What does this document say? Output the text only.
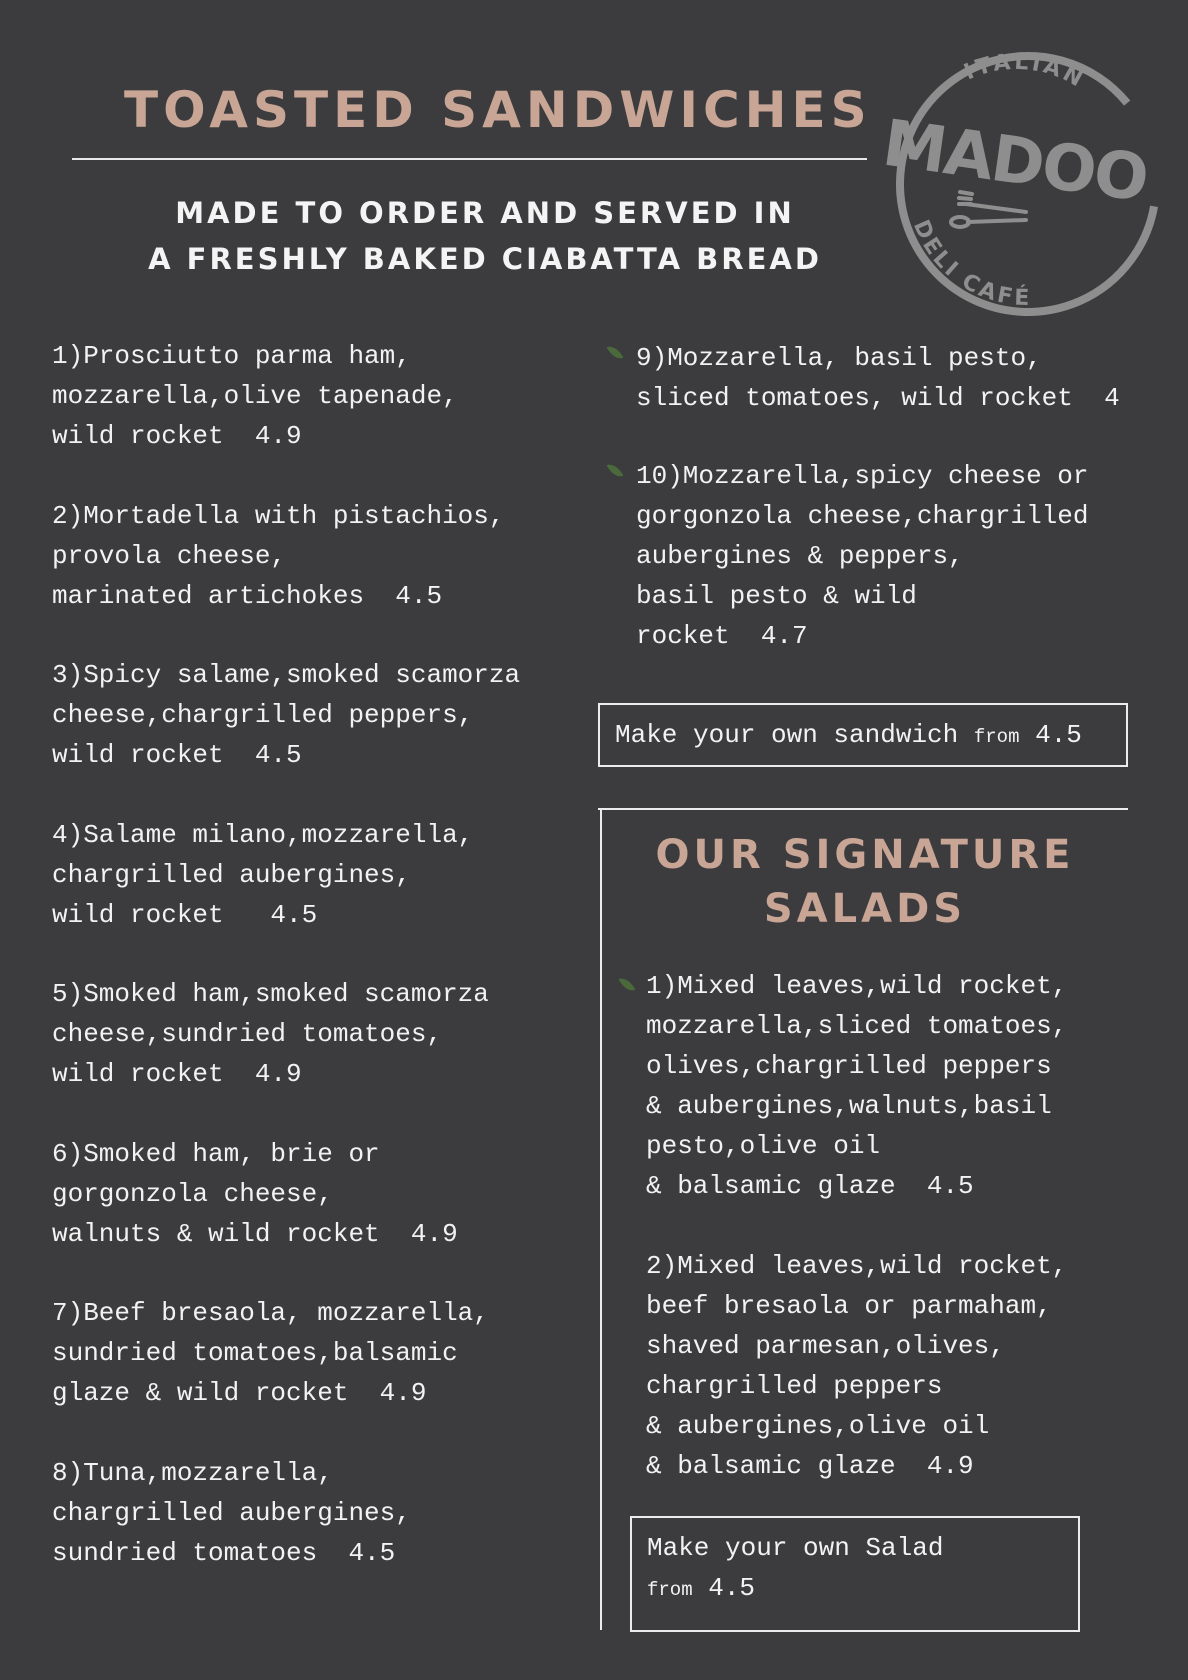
TOASTED SANDWICHES
MADE TO ORDER AND SERVED IN
A FRESHLY BAKED CIABATTA BREAD
ITALIAN
MADOO
DELI CAFÉ
1)Prosciutto parma ham,
mozzarella,olive tapenade,
wild rocket  4.9
2)Mortadella with pistachios,
provola cheese,
marinated artichokes  4.5
3)Spicy salame,smoked scamorza
cheese,chargrilled peppers,
wild rocket  4.5
4)Salame milano,mozzarella,
chargrilled aubergines,
wild rocket   4.5
5)Smoked ham,smoked scamorza
cheese,sundried tomatoes,
wild rocket  4.9
6)Smoked ham, brie or
gorgonzola cheese,
walnuts & wild rocket  4.9
7)Beef bresaola, mozzarella,
sundried tomatoes,balsamic
glaze & wild rocket  4.9
8)Tuna,mozzarella,
chargrilled aubergines,
sundried tomatoes  4.5
9)Mozzarella, basil pesto,
sliced tomatoes, wild rocket  4
10)Mozzarella,spicy cheese or
gorgonzola cheese,chargrilled
aubergines & peppers,
basil pesto & wild
rocket  4.7
Make your own sandwich from 4.5
OUR SIGNATURE
SALADS
1)Mixed leaves,wild rocket,
mozzarella,sliced tomatoes,
olives,chargrilled peppers
& aubergines,walnuts,basil
pesto,olive oil
& balsamic glaze  4.5
2)Mixed leaves,wild rocket,
beef bresaola or parmaham,
shaved parmesan,olives,
chargrilled peppers
& aubergines,olive oil
& balsamic glaze  4.9
Make your own Salad
from 4.5
